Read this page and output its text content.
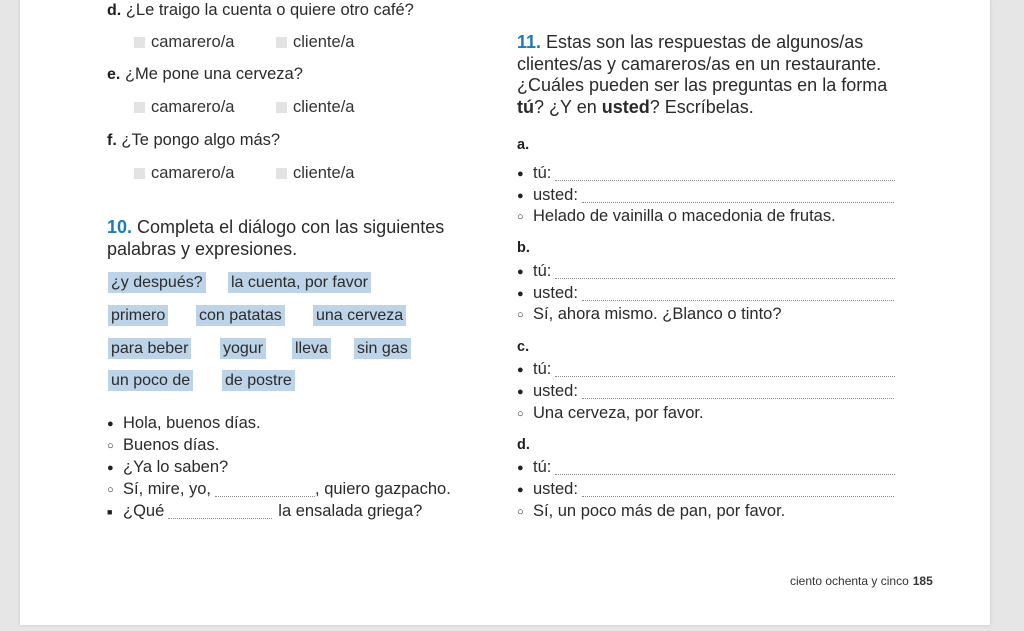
d. ¿Le traigo la cuenta o quiere otro café?
camarero/a	cliente/a
e. ¿Me pone una cerveza?
camarero/a	cliente/a
f. ¿Te pongo algo más?
camarero/a	cliente/a
10. Completa el diálogo con las siguientes palabras y expresiones.
¿y después? la cuenta, por favor
primero con patatas una cerveza
para beber yogur lleva sin gas
un poco de de postre
● Hola, buenos días.
○ Buenos días.
● ¿Ya lo saben?
○ Sí, mire, yo,	, quiero gazpacho.
■ ¿Qué	la ensalada griega?
11. Estas son las respuestas de algunos/as clientes/as y camareros/as en un restaurante. ¿Cuáles pueden ser las preguntas en la forma tú? ¿Y en usted? Escríbelas.
a.
● tú:
● usted:
○ Helado de vainilla o macedonia de frutas.
b.
● tú:
● usted:
○ Sí, ahora mismo. ¿Blanco o tinto?
c.
● tú:
● usted:
○ Una cerveza, por favor.
d.
● tú:
● usted:
○ Sí, un poco más de pan, por favor.
ciento ochenta y cinco 185
